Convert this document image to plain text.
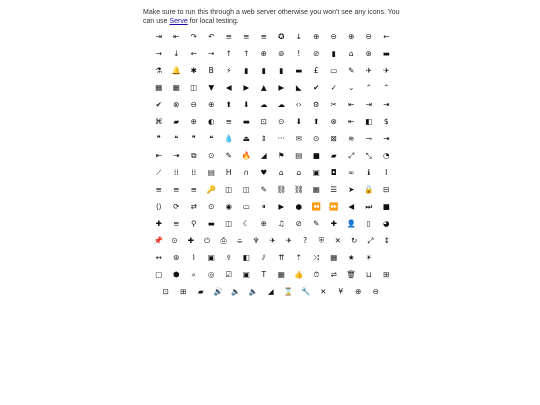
Make sure to run this through a web server otherwise you won't see any icons. You
can use Serve for local testing.
⇥	⇤	↷	↶	≡	≡	≡	✪	↓	⊕	⊖	⊕	⊖	←
→	↓	←	→	↑	↑	⊕	⊚	!	⊘	▮	⌂	⊛	▬
⚗	🔔	✱	B	⚡	▮	▮	▮	▬	£	▭	✎	✈	✈
▦	▦	◫	▼	◀	▶	▲	▶	◣	✔	✓	⌄	⌃	⌃
✔	⊗	⊖	⊕	⬆	⬇	☁	☁	‹›	⚙	✂	⇤	⇥	⇥
⌘	▰	⊕	◐	≡	▬	⊡	⊙	⬇	⬆	⊗	⇤	◧	$
❞	❝	❞	❝	💧	⏏	⇕	···	✉	⊙	⊠	≋	⊸	⇥
⇤	⇥	⧉	⊙	✎	🔥	◢	⚑	▤	■	▰	⤢	⤡	◔
⟋	⁞⁞	⁞⁞	▤	H	∩	♥	⌂	⌂	▣	◘	∞	ℹ	I
≡	≡	≡	🔑	◫	◫	✎	⛓	⛓	▦	☰	➤	🔒	⊟
⟨⟩	⟳	⇄	⊙	◉	▭	⏸	▶	●	⏪	⏩	◀	⏭	■
✚	≡	⚲	▬	◫	☾	⊕	♫	⊘	✎	✚	👤	▯	◕
📌	⊙	✚	⏻	⎙	⌯	♆	✈	✈	?	⛨	✕	↻	⤢	↕
↔	⊛	⌇	▣	⇪	◧	⫽	⇈	⇡	⤨	▦	★	☀
▢	⬢	⌕	◎	☑	▣	T	▦	👍	⏱	⇌	🗑	⊔	⊞
⊡	⊞	▰	🔊	🔈	🔈	◢	⌛	🔧	✕	¥	⊕	⊖
